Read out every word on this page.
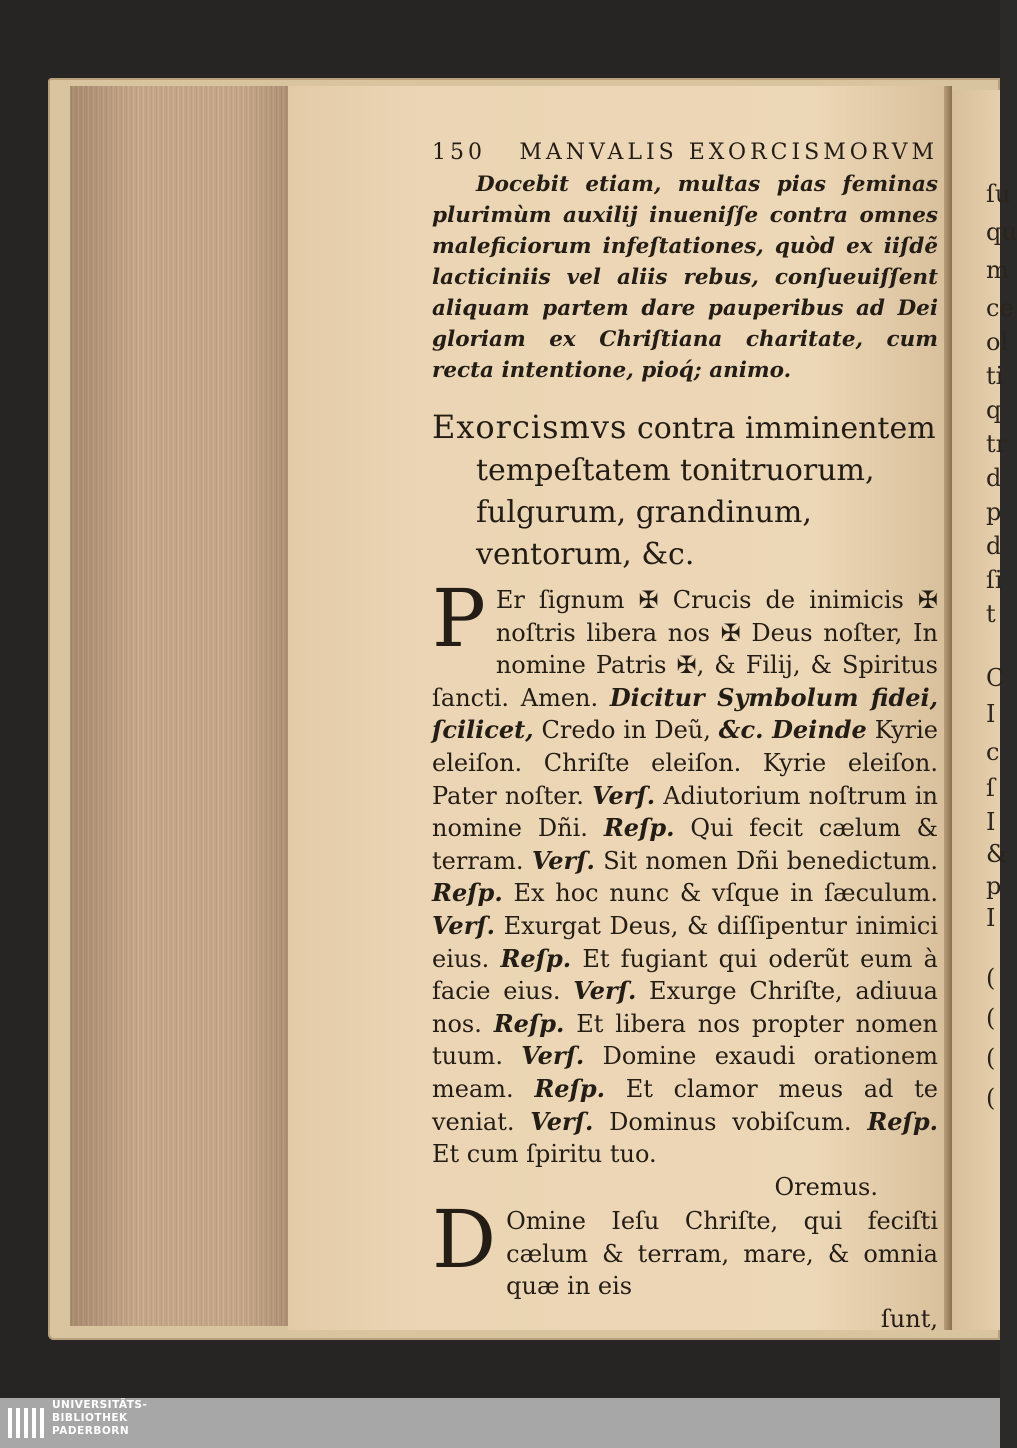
ſu
qu
m
ce
ol
ti
q
tr
d
p
d
ſi
t
C
I
c
ſ
I
&
p
I
(
(
(
(
150 MANVALIS EXORCISMORVM

Docebit etiam, multas pias feminas plurimùm auxilij inueniſſe contra omnes maleficiorum infeſtationes, quòd ex iiſdẽ lacticiniis vel aliis rebus, conſueuiſſent aliquam partem dare pauperibus ad Dei gloriam ex Chriſtiana charitate, cum recta intentione, pioq́; animo.

Exorcismvs contra imminentem tempeſtatem tonitruorum, fulgurum, grandinum, ventorum, &c.

P Er ſignum ✠ Crucis de inimicis ✠ noſtris libera nos ✠ Deus noſter, In nomine Patris ✠, & Filij, & Spiritus ſancti. Amen. Dicitur Symbolum fidei, ſcilicet, Credo in Deũ, &c. Deinde Kyrie eleiſon. Chriſte eleiſon. Kyrie eleiſon. Pater noſter. Verſ. Adiutorium noſtrum in nomine Dñi. Reſp. Qui fecit cælum & terram. Verſ. Sit nomen Dñi benedictum. Reſp. Ex hoc nunc & vſque in ſæculum. Verſ. Exurgat Deus, & diſſipentur inimici eius. Reſp. Et fugiant qui oderũt eum à facie eius. Verſ. Exurge Chriſte, adiuua nos. Reſp. Et libera nos propter nomen tuum. Verſ. Domine exaudi orationem meam. Reſp. Et clamor meus ad te veniat. Verſ. Dominus vobiſcum. Reſp. Et cum ſpiritu tuo.

Oremus.

D Omine Ieſu Chriſte, qui feciſti cælum & terram, mare, & omnia quæ in eis

ſunt,
UNIVERSITÄTS-
BIBLIOTHEK
PADERBORN
